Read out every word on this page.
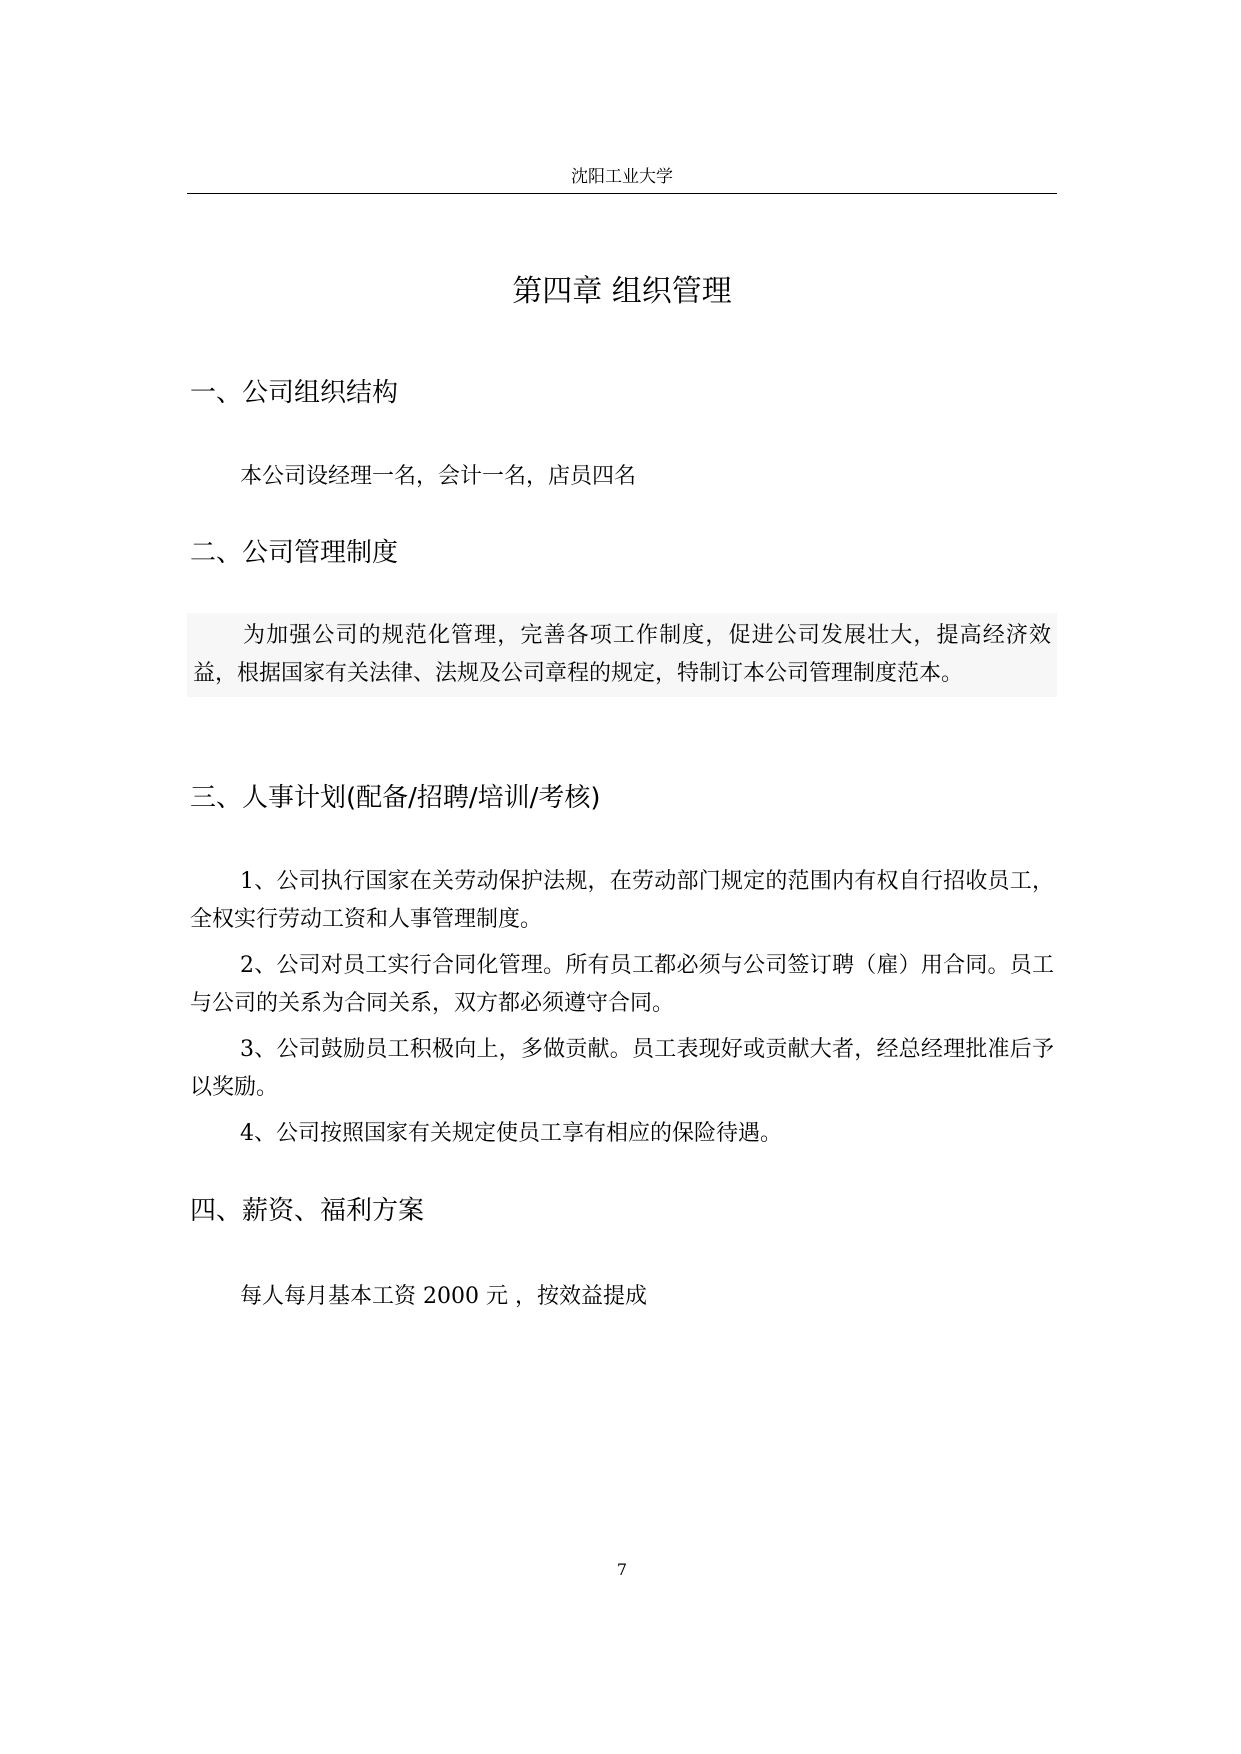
沈阳工业大学
第四章 组织管理
一、公司组织结构
本公司设经理一名，会计一名，店员四名
二、公司管理制度
为加强公司的规范化管理，完善各项工作制度，促进公司发展壮大，提高经济效益，根据国家有关法律、法规及公司章程的规定，特制订本公司管理制度范本。
三、人事计划(配备/招聘/培训/考核)
1、公司执行国家在关劳动保护法规，在劳动部门规定的范围内有权自行招收员工，全权实行劳动工资和人事管理制度。
2、公司对员工实行合同化管理。所有员工都必须与公司签订聘（雇）用合同。员工与公司的关系为合同关系，双方都必须遵守合同。
3、公司鼓励员工积极向上，多做贡献。员工表现好或贡献大者，经总经理批准后予以奖励。
4、公司按照国家有关规定使员工享有相应的保险待遇。
四、薪资、福利方案
每人每月基本工资 2000 元 ，按效益提成
7
